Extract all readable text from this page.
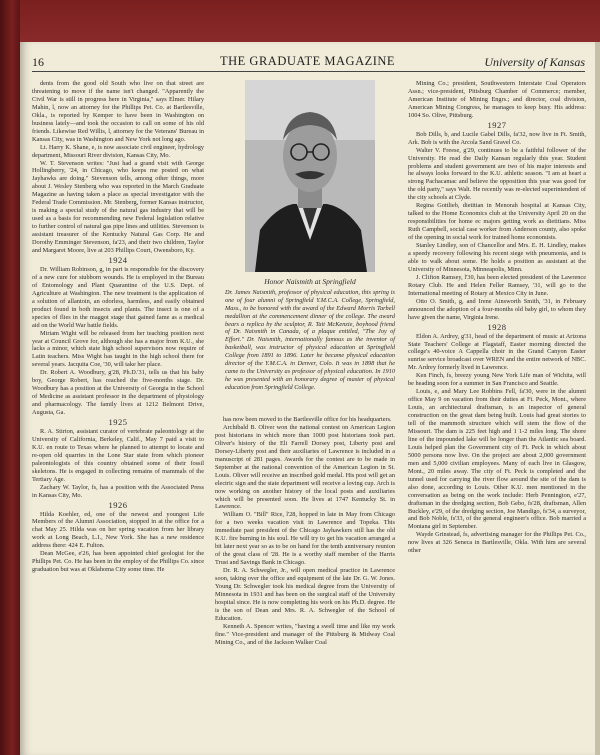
16	THE GRADUATE MAGAZINE	University of Kansas

dents from the good old South who live on that street are threatening to move if the name isn't changed. "Apparently the Civil War is still in progress here in Virginia," says Elmer. Hilary Mahin, l, now an attorney for the Phillips Pet. Co. at Bartlesville, Okla., is reported by Kemper to have been in Washington on business lately—and took the occasion to call on some of his old friends. Likewise Red Willis, l, attorney for the Veterans' Bureau in Kansas City, was in Washington and New York not long ago.

Lt. Harry K. Shane, e, is now associate civil engineer, hydrology department, Missouri River division, Kansas City, Mo.

W. T. Stevenson writes: "Just had a grand visit with George Hollingberry, '24, in Chicago, who keeps me posted on what Jayhawks are doing." Stevenson tells, among other things, more about J. Wesley Stenberg who was reported in the March Graduate Magazine as having taken a place as special investigator with the Federal Trade Commission. Mr. Stenberg, former Kansas instructor, is making a special study of the natural gas industry that will be used as a basis for recommending new Federal legislation relative to further control of natural gas pipe lines and utilities. Stevenson is assistant treasurer of the Kentucky Natural Gas Corp. He and Dorothy Emminger Stevenson, fa'23, and their two children, Taylor and Margaret Moore, live at 203 Phillips Court, Owensboro, Ky.

1924

Dr. William Robinson, g, in part is responsible for the discovery of a new cure for stubborn wounds. He is employed in the Bureau of Entomology and Plant Quarantine of the U.S. Dept. of Agriculture at Washington. The new treatment is the application of a solution of allantoin, an odorless, harmless, and easily obtained product found in both insects and plants. The insect is one of a species of flies in the maggot stage that gained fame as a medical aid on the World War battle fields.

Miriam Wight will be released from her teaching position next year at Council Grove for, although she has a major from K.U., she lacks a minor, which state high school supervisors now require of Latin teachers. Miss Wight has taught in the high school there for several years. Jacquita Coe, '30, will take her place.

Dr. Robert A. Woodbury, g'28, Ph.D.'31, tells us that his baby boy, George Robert, has reached the five-months stage. Dr. Woodbury has a position at the University of Georgia in the School of Medicine as assistant professor in the department of physiology and pharmacology. The family lives at 1212 Belmont Drive, Augusta, Ga.

1925

R. A. Stirton, assistant curator of vertebrate paleontology at the University of California, Berkeley, Calif., May 7 paid a visit to K.U. en route to Texas where he planned to attempt to locate and re-open old quarries in the Lone Star state from which pioneer paleontologists of this country obtained some of their fossil skeletons. He is engaged in collecting remains of mammals of the Tertiary Age.

Zachary W. Taylor, fs, has a position with the Associated Press in Kansas City, Mo.

1926

Hilda Koehler, ed, one of the newest and youngest Life Members of the Alumni Association, stopped in at the office for a chat May 25. Hilda was on her spring vacation from her library work at Long Beach, L.I., New York. She has a new residence address there: 424 E. Fulton.

Dean McGee, e'26, has been appointed chief geologist for the Phillips Pet. Co. He has been in the employ of the Phillips Co. since graduation but was at Oklahoma City some time. He

Honor Naismith at Springfield
Dr. James Naismith, professor of physical education, this spring is one of four alumni of Springfield Y.M.C.A. College, Springfield, Mass., to be honored with the award of the Edward Morris Tarbell medallion at the commencement dinner of the college. The award bears a replica by the sculptor, R. Tait McKenzie, boyhood friend of Dr. Naismith in Canada, of a plaque entitled, "The Joy of Effort." Dr. Naismith, internationally famous as the inventor of basketball, was instructor of physical education at Springfield College from 1891 to 1896. Later he became physical education director of the Y.M.C.A. in Denver, Colo. It was in 1898 that he came to the University as professor of physical education. In 1910 he was presented with an honorary degree of master of physical education from Springfield College.

has now been moved to the Bartlesville office for his headquarters.

Archibald B. Oliver won the national contest on American Legion post historians in which more than 1000 post historians took part. Oliver's history of the Eli Farrell Dorsey post, Liberty post and Dorsey-Liberty post and their auxiliaries of Lawrence is included in a manuscript of 281 pages. Awards for the contest are to be made in September at the national convention of the American Legion in St. Louis. Oliver will receive an inscribed gold medal. His post will get an electric sign and the state department will receive a loving cup. Arch is now working on another history of the local posts and auxiliaries which will be presented soon. He lives at 1747 Kentucky St. in Lawrence.

William O. "Bill" Rice, l'28, hopped in late in May from Chicago for a two weeks vacation visit in Lawrence and Topeka. This immediate past president of the Chicago Jayhawkers still has the old K.U. fire burning in his soul. He will try to get his vacation arranged a bit later next year so as to be on hand for the tenth anniversary reunion of the great class of '28. He is a worthy staff member of the Harris Trust and Savings Bank in Chicago.

Dr. R. A. Schwegler, Jr., will open medical practice in Lawrence soon, taking over the office and equipment of the late Dr. G. W. Jones. Young Dr. Schwegler took his medical degree from the University of Minnesota in 1931 and has been on the surgical staff of the University hospital since. He is now completing his work on his Ph.D. degree. He is the son of Dean and Mrs. R. A. Schwegler of the School of Education.

Kenneth A. Spencer writes, "having a swell time and like my work fine." Vice-president and manager of the Pittsburg & Midway Coal Mining Co., and of the Jackson Walker Coal

Mining Co.; president, Southwestern Interstate Coal Operators Assn.; vice-president, Pittsburg Chamber of Commerce; member, American Institute of Mining Engrs.; and director, coal division, American Mining Congress, he manages to keep busy. His address: 1004 So. Olive, Pittsburg.

1927

Bob Dills, b, and Lucile Gabel Dills, fa'32, now live in Ft. Smith, Ark. Bob is with the Arcola Sand Gravel Co.

Walter V. Freese, g'29, continues to be a faithful follower of the University. He read the Daily Kansan regularly this year. Student problems and student government are two of his major interests and he always looks forward to the K.U. athletic season. "I am at heart a strong Pachacamac and believe the opposition this year was good for the old party," says Walt. He recently was re-elected superintendent of the city schools at Clyde.

Regina Gottlieb, dietitian in Menorah hospital at Kansas City, talked to the Home Economics club at the University April 20 on the responsibilities for home ec majors getting work as dietitians. Miss Ruth Campbell, social case worker from Anderson county, also spoke of the opening in social work for trained home economists.

Stanley Lindley, son of Chancellor and Mrs. E. H. Lindley, makes a speedy recovery following his recent siege with pneumonia, and is able to walk about some. He holds a position as assistant at the University of Minnesota, Minneapolis, Minn.

J. Clifton Ramsey, l'30, has been elected president of the Lawrence Rotary Club. He and Helen Feller Ramsey, '31, will go to the International meeting of Rotary at Mexico City in June.

Otto O. Smith, g, and Irene Ainsworth Smith, '31, in February announced the adoption of a four-months old baby girl, to whom they have given the name, Virginia Irene.

1928

Eldon A. Ardrey, g'31, head of the department of music at Arizona State Teachers' College at Flagstaff, Easter morning directed the college's 40-voice A Cappella choir in the Grand Canyon Easter sunrise service broadcast over WREN and the entire network of NBC. Mr. Ardrey formerly lived in Lawrence.

Ken Finch, fs, breezy young New York Life man of Wichita, will be heading soon for a summer in San Francisco and Seattle.

Louis, e, and Mary Lee Robbins Fell, fa'30, were in the alumni office May 9 on vacation from their duties at Ft. Peck, Mont., where Louis, an architectural draftsman, is an inspector of general construction on the great dam being built. Louis had great stories to tell of the mammoth structure which will stem the flow of the Missouri. The dam is 225 feet high and 1 1-2 miles long. The shore line of the impounded lake will be longer than the Atlantic sea board. Louis helped plan the Government city of Ft. Peck in which about 5000 persons now live. On the project are about 2,000 government men and 5,000 civilian employees. Many of each live in Glasgow, Mont., 20 miles away. The city of Ft. Peck is completed and the tunnel used for carrying the river flow around the site of the dam is also done, according to Louis. Other K.U. men mentioned in the conversation as being on the work include: Herb Pennington, e'27, draftsman in the dredging section, Bob Gebo, fs'28, draftsman, Allen Buckley, e'29, of the dredging section, Joe Mandigo, fs'34, a surveyor, and Bob Noble, fs'33, of the general engineer's office. Bob married a Montana girl in September.

Wayde Grinstead, fs, advertising manager for the Phillips Pet. Co., now lives at 326 Seneca in Bartlesville, Okla. With him are several other
